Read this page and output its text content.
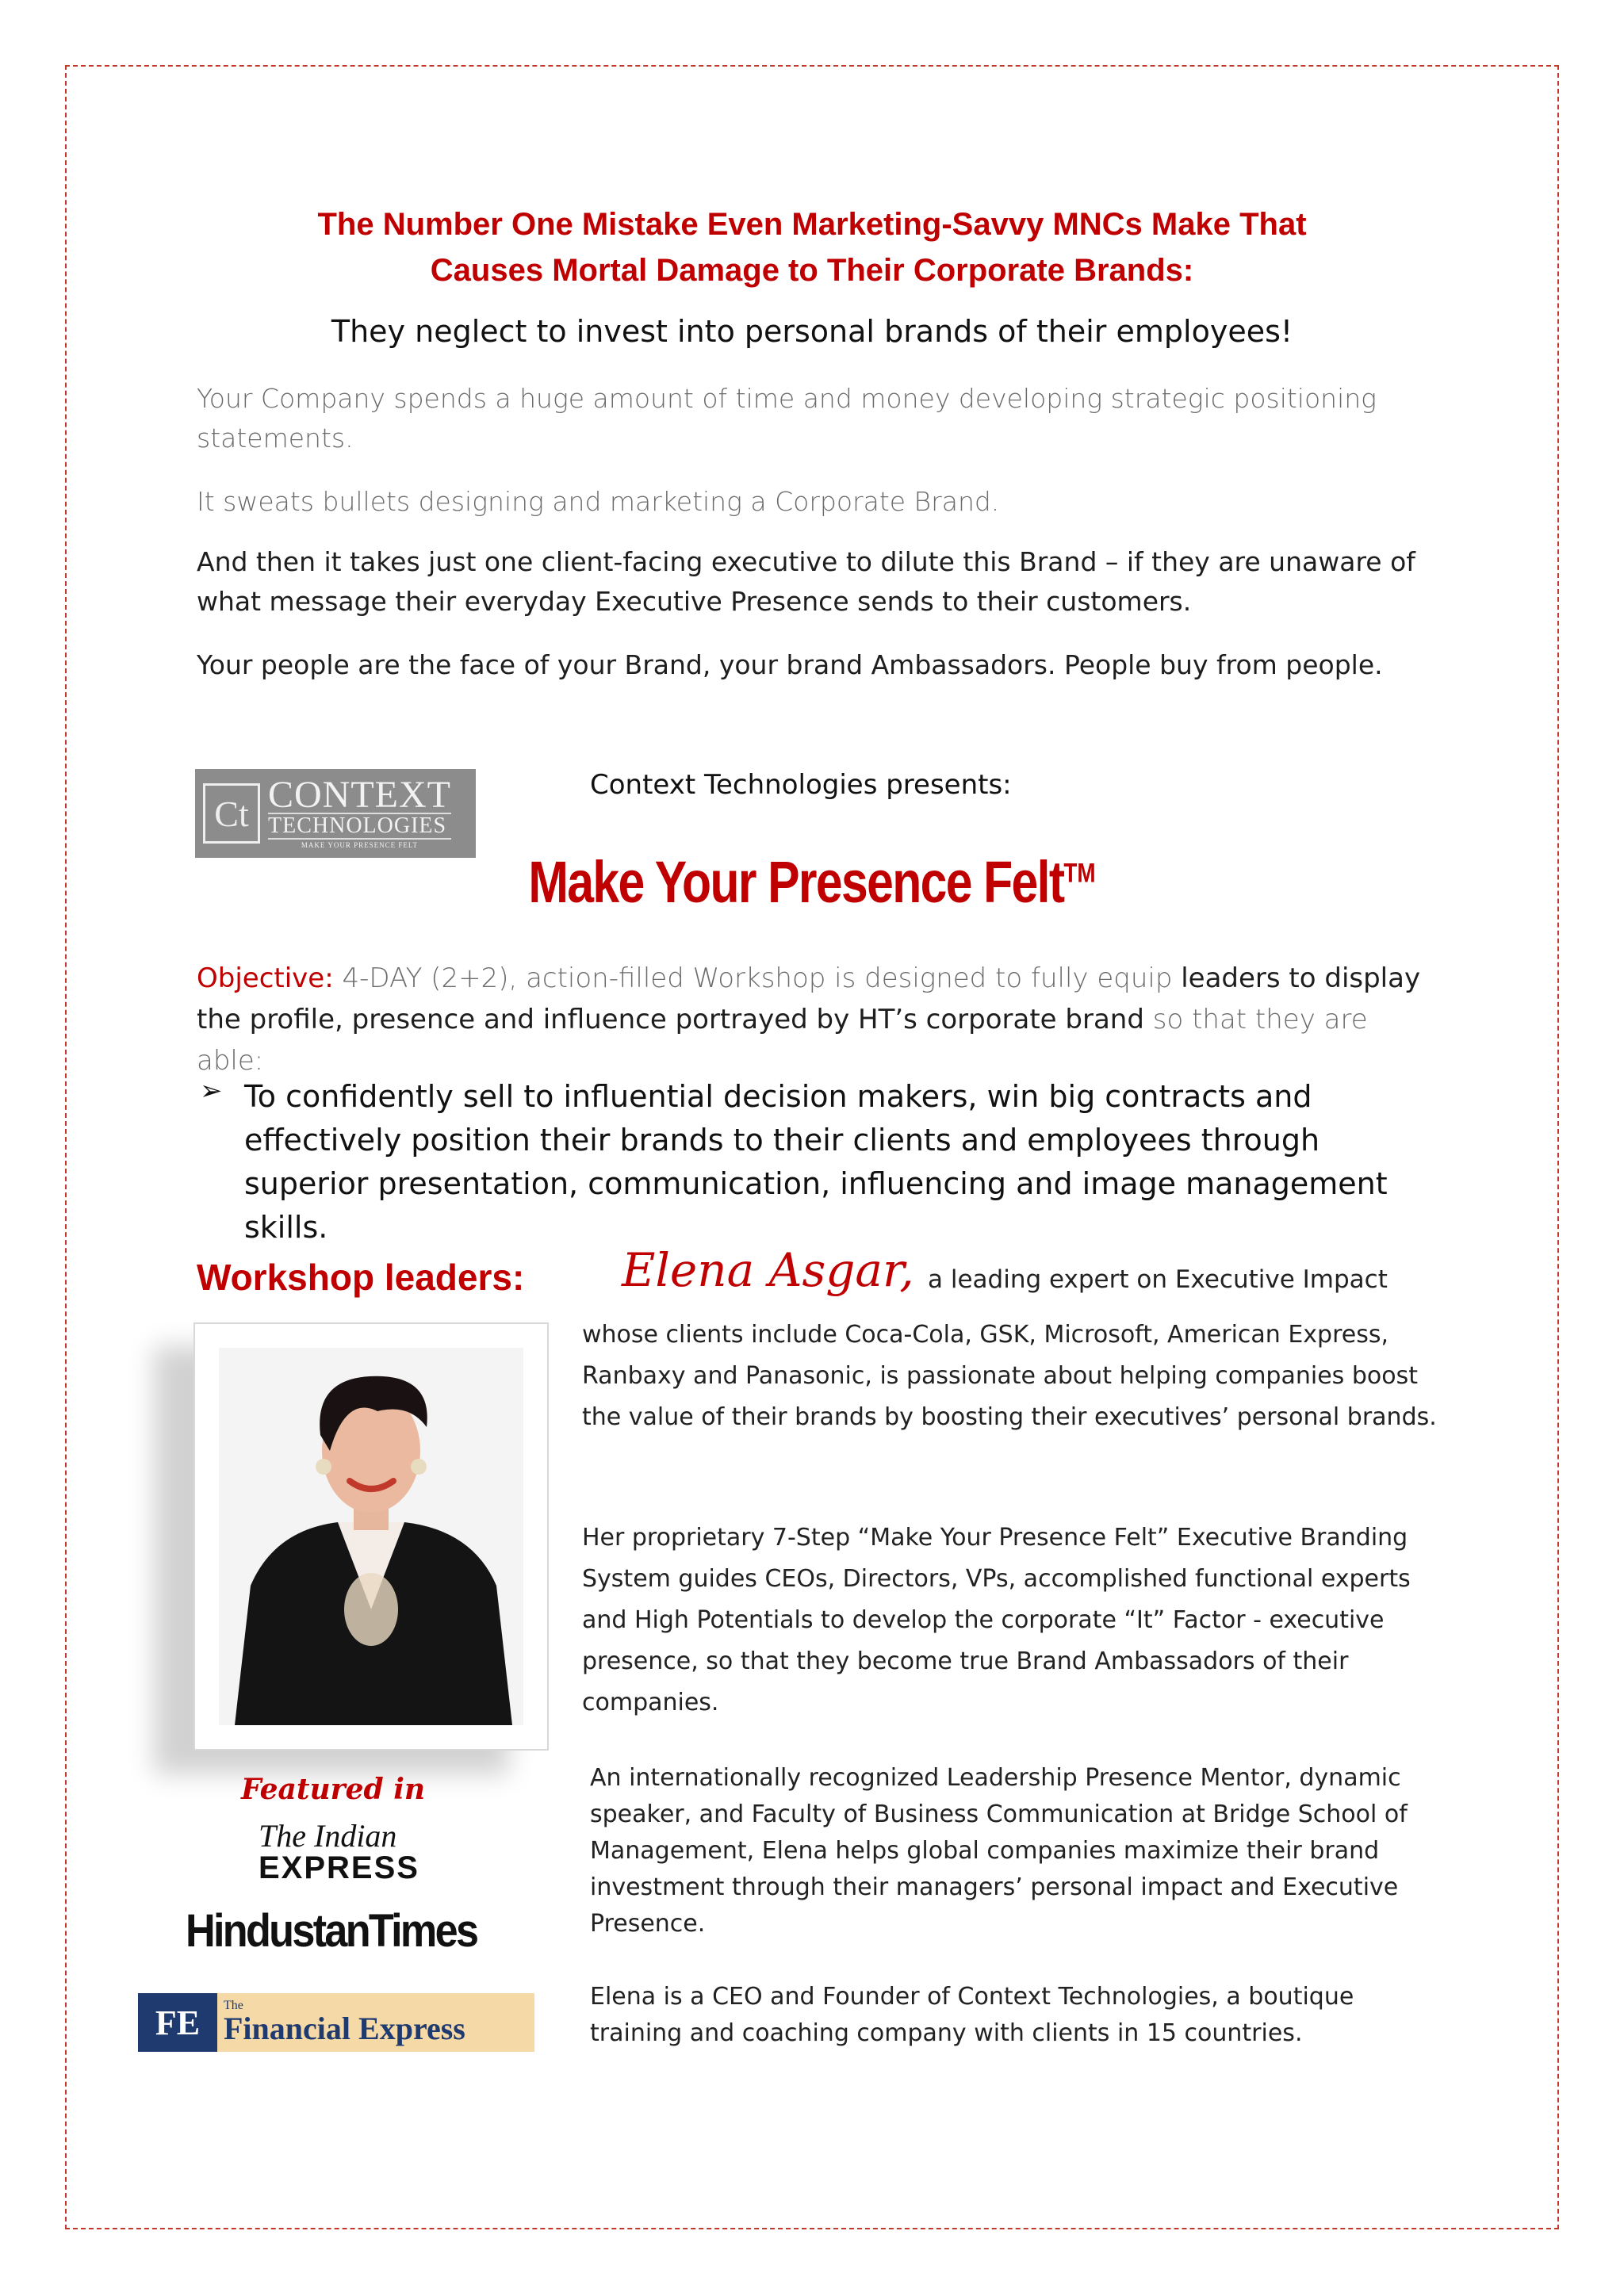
The Number One Mistake Even Marketing-Savvy MNCs Make That
Causes Mortal Damage to Their Corporate Brands:
They neglect to invest into personal brands of their employees!
Your Company spends a huge amount of time and money developing strategic positioning statements.
It sweats bullets designing and marketing a Corporate Brand.
And then it takes just one client-facing executive to dilute this Brand – if they are unaware of what message their everyday Executive Presence sends to their customers.
Your people are the face of your Brand, your brand Ambassadors. People buy from people.
Ct CONTEXT
TECHNOLOGIES
MAKE YOUR PRESENCE FELT
Context Technologies presents:
Make Your Presence Felt™
Objective: 4-DAY (2+2), action-filled Workshop is designed to fully equip leaders to display the profile, presence and influence portrayed by HT’s corporate brand so that they are able:
➢ To confidently sell to influential decision makers, win big contracts and effectively position their brands to their clients and employees through superior presentation, communication, influencing and image management skills.
Workshop leaders: Elena Asgar, a leading expert on Executive Impact
whose clients include Coca-Cola, GSK, Microsoft, American Express, Ranbaxy and Panasonic, is passionate about helping companies boost the value of their brands by boosting their executives’ personal brands.
Her proprietary 7-Step “Make Your Presence Felt” Executive Branding System guides CEOs, Directors, VPs, accomplished functional experts and High Potentials to develop the corporate “It” Factor - executive presence, so that they become true Brand Ambassadors of their companies.
An internationally recognized Leadership Presence Mentor, dynamic speaker, and Faculty of Business Communication at Bridge School of Management, Elena helps global companies maximize their brand investment through their managers’ personal impact and Executive Presence.
Elena is a CEO and Founder of Context Technologies, a boutique training and coaching company with clients in 15 countries.
Featured in
The Indian
EXPRESS
HindustanTimes
FE	The
Financial Express
